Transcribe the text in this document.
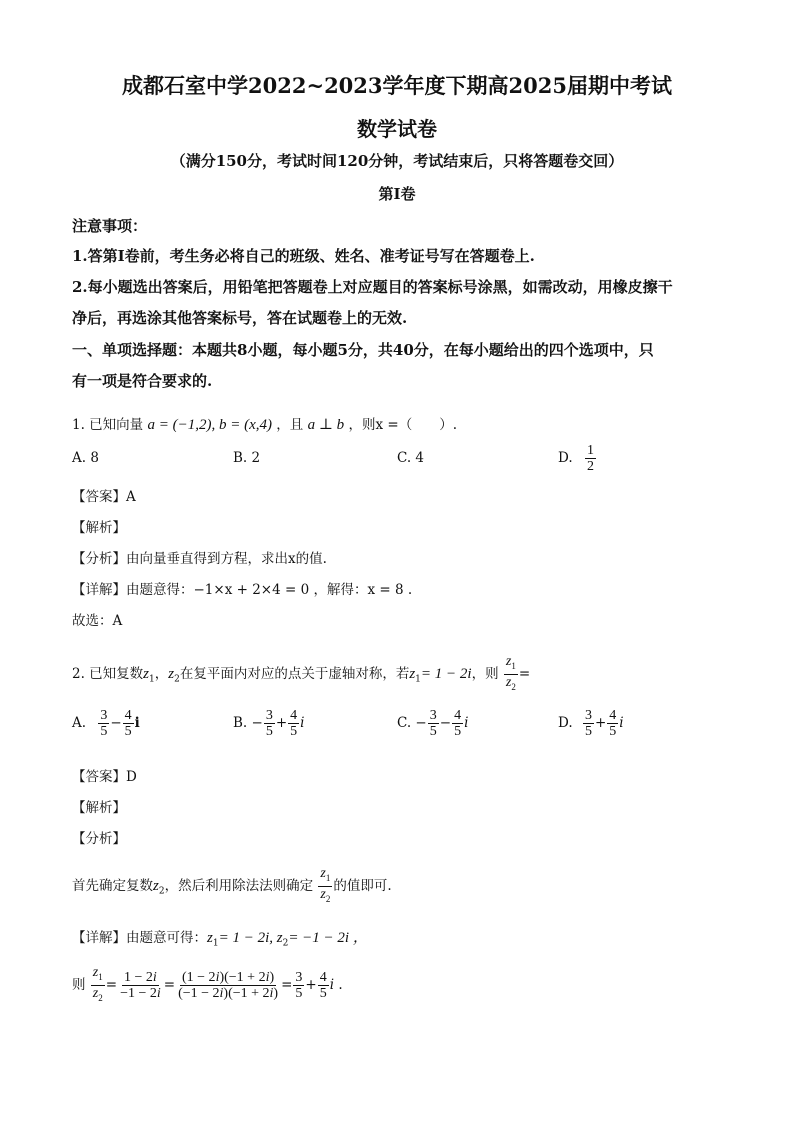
成都石室中学2022~2023学年度下期高2025届期中考试
数学试卷
（满分150分，考试时间120分钟，考试结束后，只将答题卷交回）
第Ⅰ卷
注意事项：
1.答第Ⅰ卷前，考生务必将自己的班级、姓名、准考证号写在答题卷上.
2.每小题选出答案后，用铅笔把答题卷上对应题目的答案标号涂黑，如需改动，用橡皮擦干
净后，再选涂其他答案标号，答在试题卷上的无效.
一、单项选择题：本题共8小题，每小题5分，共40分，在每小题给出的四个选项中，只
有一项是符合要求的.
1. 已知向量 a = (−1,2), b = (x,4) ，且 a ⊥ b ，则x =（　　）.
A. 8	B. 2	C. 4	D. $\frac{1}{2}$
【答案】A
【解析】
【分析】由向量垂直得到方程，求出x的值.
【详解】由题意得：−1×x + 2×4 = 0 ，解得：x = 8 .
故选：A
2. 已知复数$z_1$，$z_2$在复平面内对应的点关于虚轴对称，若$z_1= 1 - 2i$，则 $\frac{z_1}{z_2}$ =
A. $\frac{3}{5} - \frac{4}{5}$ i	B. − $\frac{3}{5} + \frac{4}{5}$ i	C. − $\frac{3}{5} - \frac{4}{5}$ i	D. $\frac{3}{5} + \frac{4}{5}$ i
【答案】D
【解析】
【分析】
首先确定复数$z_2$，然后利用除法法则确定 $\frac{z_1}{z_2}$ 的值即可.
【详解】由题意可得：$z_1= 1 - 2i$, $z_2= -1 - 2i$ ，
则 $\frac{z_1}{z_2} = \frac{1 - 2i}{-1 - 2i} = \frac{(1 - 2i)(-1 + 2i)}{(-1 - 2i)(-1 + 2i)} = \frac{3}{5} + \frac{4}{5}$ i .
